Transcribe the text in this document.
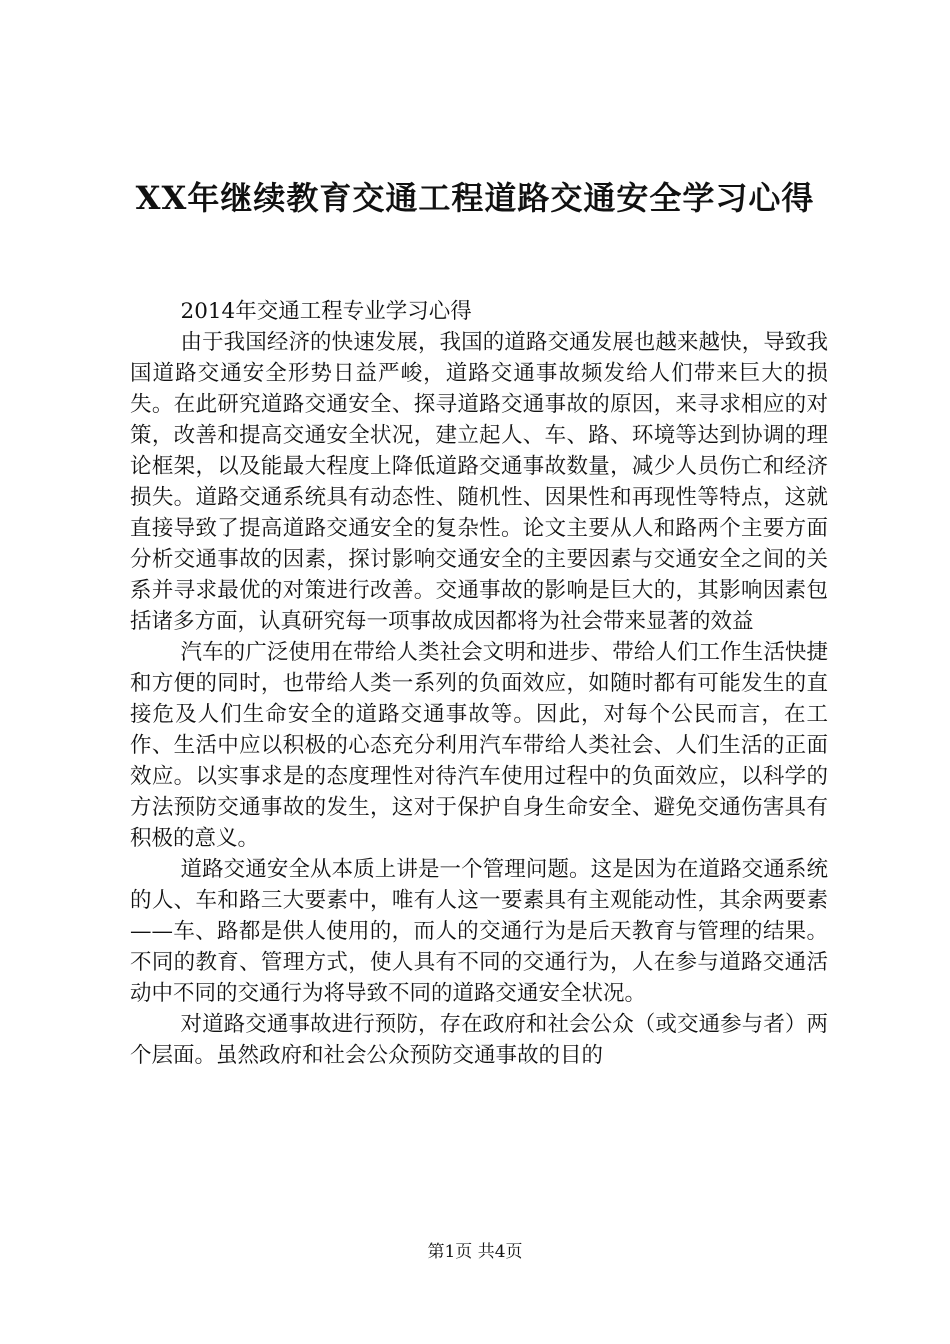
XX年继续教育交通工程道路交通安全学习心得

2014年交通工程专业学习心得

由于我国经济的快速发展，我国的道路交通发展也越来越快，导致我国道路交通安全形势日益严峻，道路交通事故频发给人们带来巨大的损失。在此研究道路交通安全、探寻道路交通事故的原因，来寻求相应的对策，改善和提高交通安全状况，建立起人、车、路、环境等达到协调的理论框架，以及能最大程度上降低道路交通事故数量，减少人员伤亡和经济损失。道路交通系统具有动态性、随机性、因果性和再现性等特点，这就直接导致了提高道路交通安全的复杂性。论文主要从人和路两个主要方面分析交通事故的因素，探讨影响交通安全的主要因素与交通安全之间的关系并寻求最优的对策进行改善。交通事故的影响是巨大的，其影响因素包括诸多方面，认真研究每一项事故成因都将为社会带来显著的效益

汽车的广泛使用在带给人类社会文明和进步、带给人们工作生活快捷和方便的同时，也带给人类一系列的负面效应，如随时都有可能发生的直接危及人们生命安全的道路交通事故等。因此，对每个公民而言，在工作、生活中应以积极的心态充分利用汽车带给人类社会、人们生活的正面效应。以实事求是的态度理性对待汽车使用过程中的负面效应，以科学的方法预防交通事故的发生，这对于保护自身生命安全、避免交通伤害具有积极的意义。

道路交通安全从本质上讲是一个管理问题。这是因为在道路交通系统的人、车和路三大要素中，唯有人这一要素具有主观能动性，其余两要素——车、路都是供人使用的，而人的交通行为是后天教育与管理的结果。不同的教育、管理方式，使人具有不同的交通行为，人在参与道路交通活动中不同的交通行为将导致不同的道路交通安全状况。

对道路交通事故进行预防，存在政府和社会公众（或交通参与者）两个层面。虽然政府和社会公众预防交通事故的目的

第1页 共4页
